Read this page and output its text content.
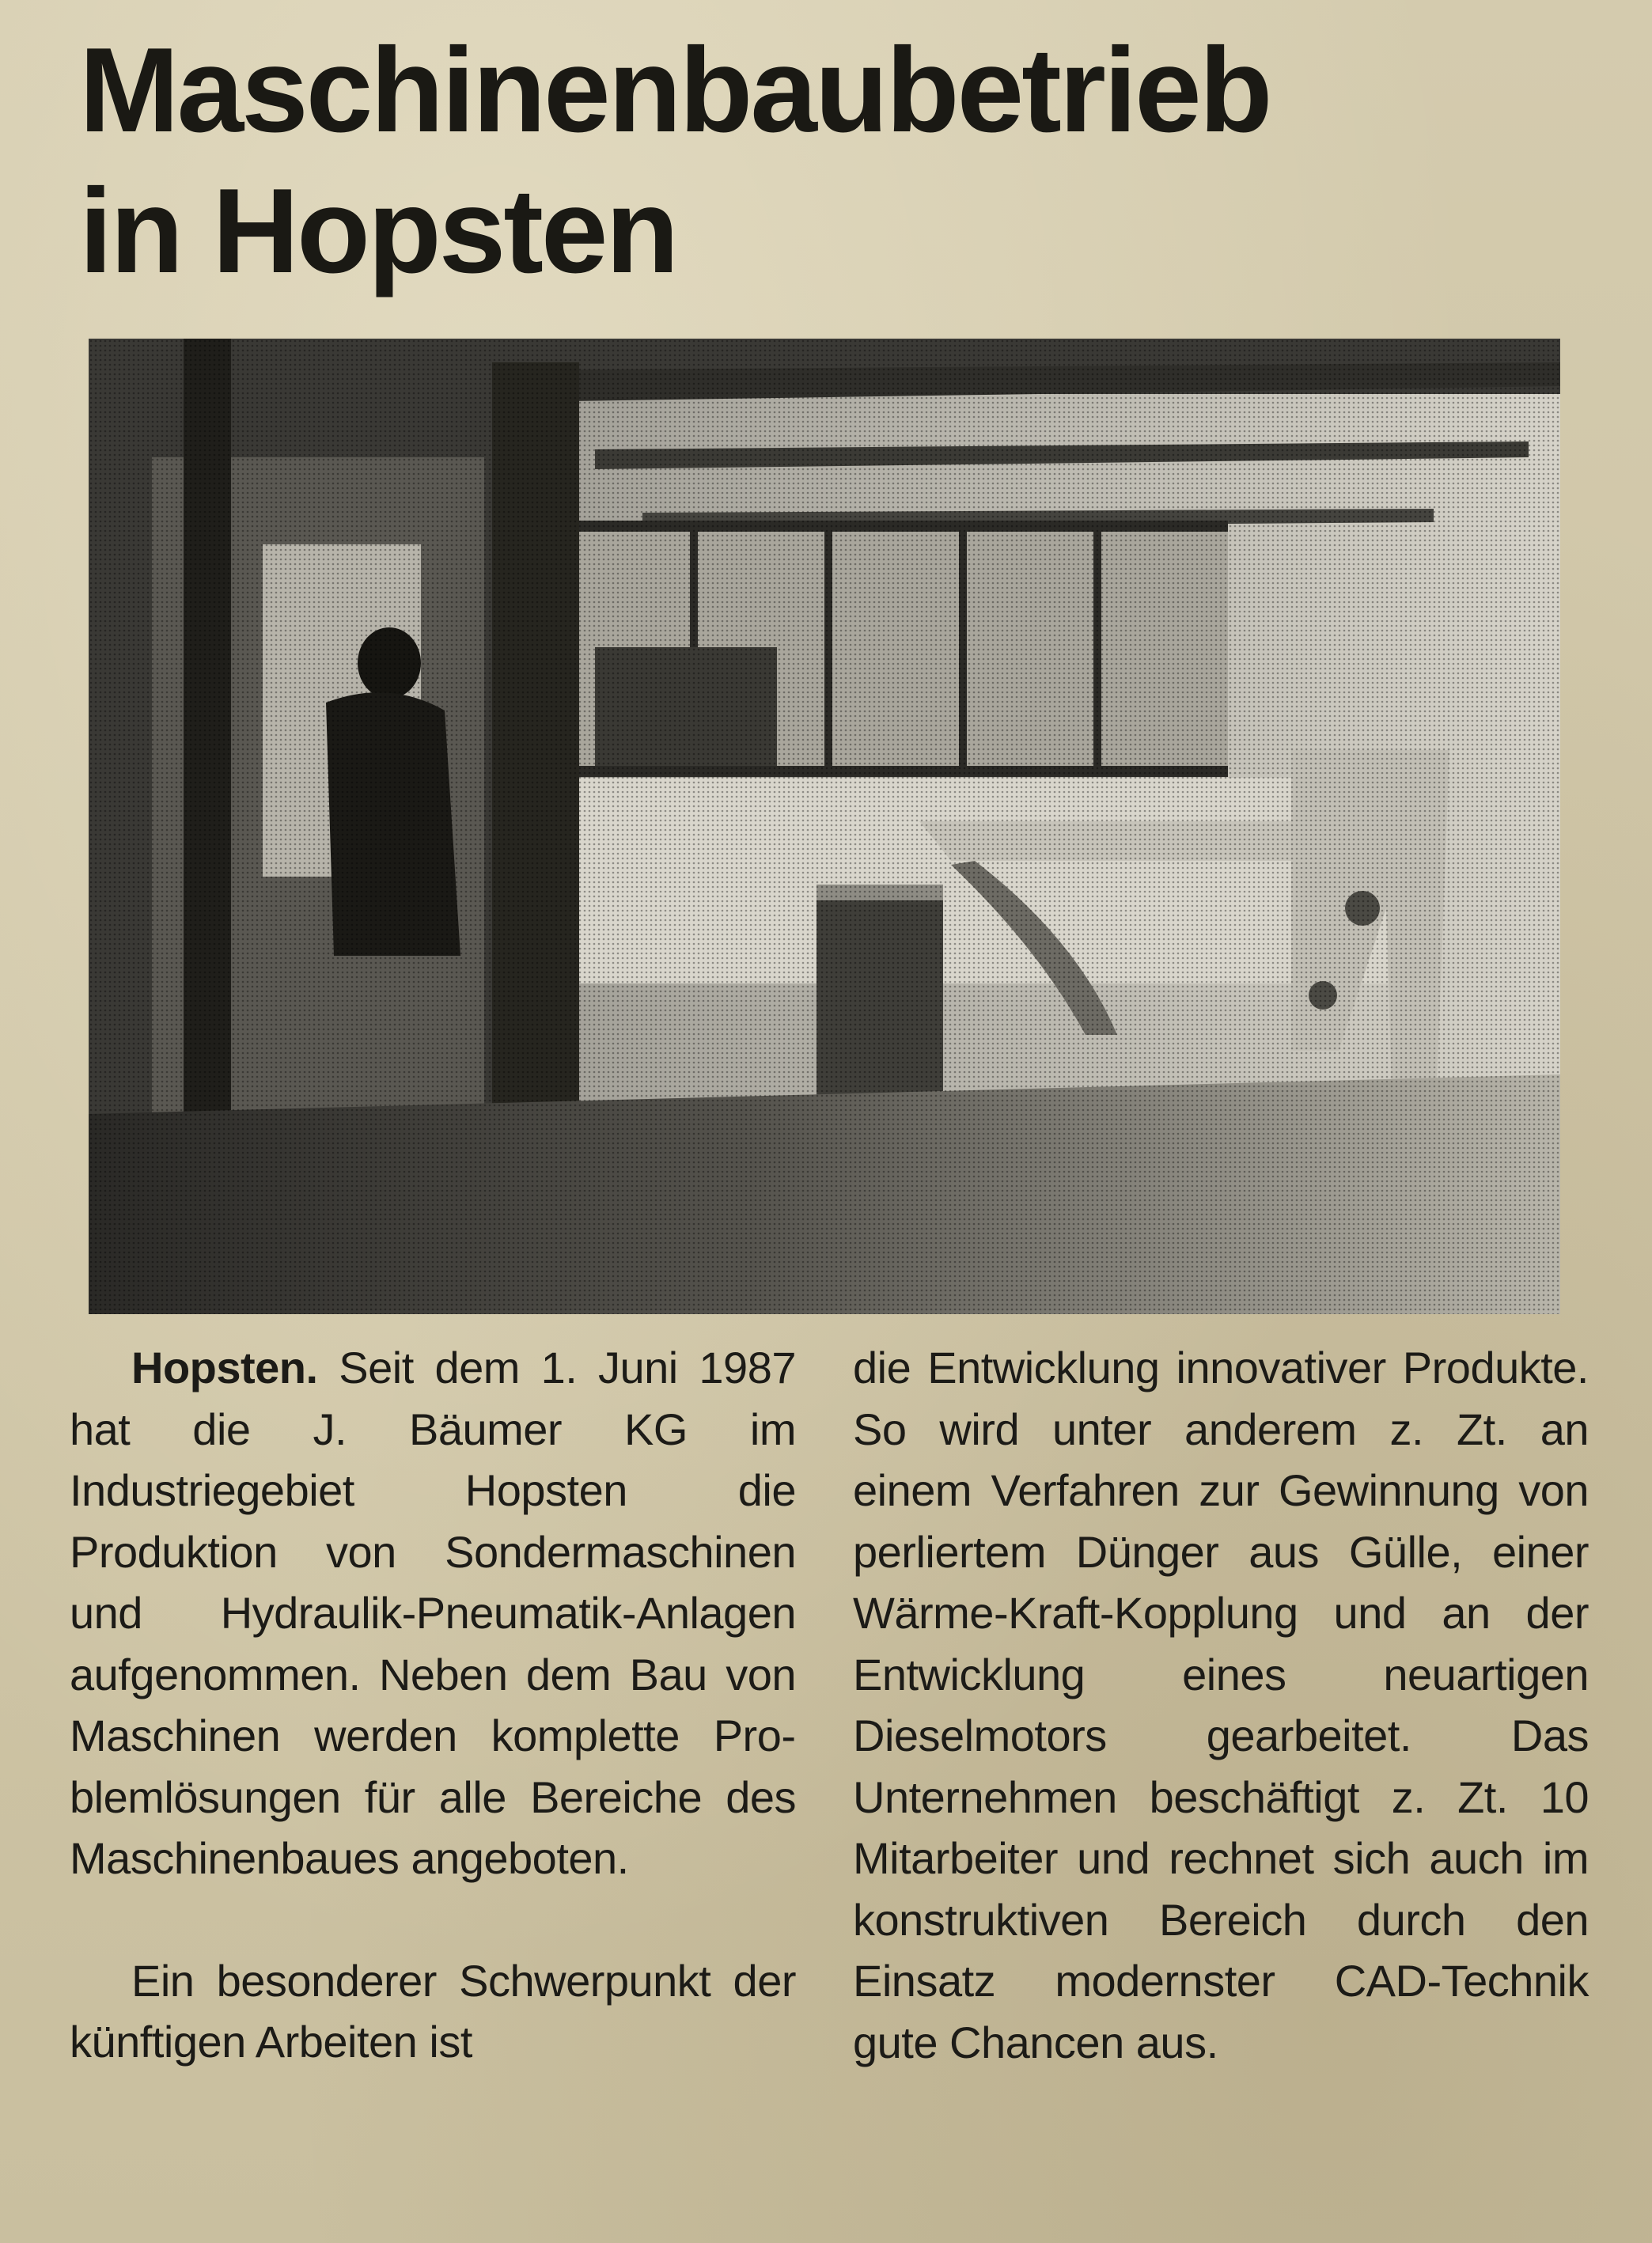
Maschinenbaubetrieb
in Hopsten

Hopsten. Seit dem 1. Juni 1987 hat die J. Bäumer KG im Industriegebiet Hopsten die Produktion von Sondermaschinen und Hydraulik-Pneumatik-Anlagen aufgenommen. Neben dem Bau von Maschinen werden komplette Problemlösungen für alle Bereiche des Maschinenbaues angeboten.

Ein besonderer Schwerpunkt der künftigen Arbeiten ist

die Entwicklung innovativer Produkte. So wird unter anderem z. Zt. an einem Verfahren zur Gewinnung von perliertem Dünger aus Gülle, einer Wärme-Kraft-Kopplung und an der Entwicklung eines neuartigen Dieselmotors gearbeitet. Das Unternehmen beschäftigt z. Zt. 10 Mitarbeiter und rechnet sich auch im konstruktiven Bereich durch den Einsatz modernster CAD-Technik gute Chancen aus.
